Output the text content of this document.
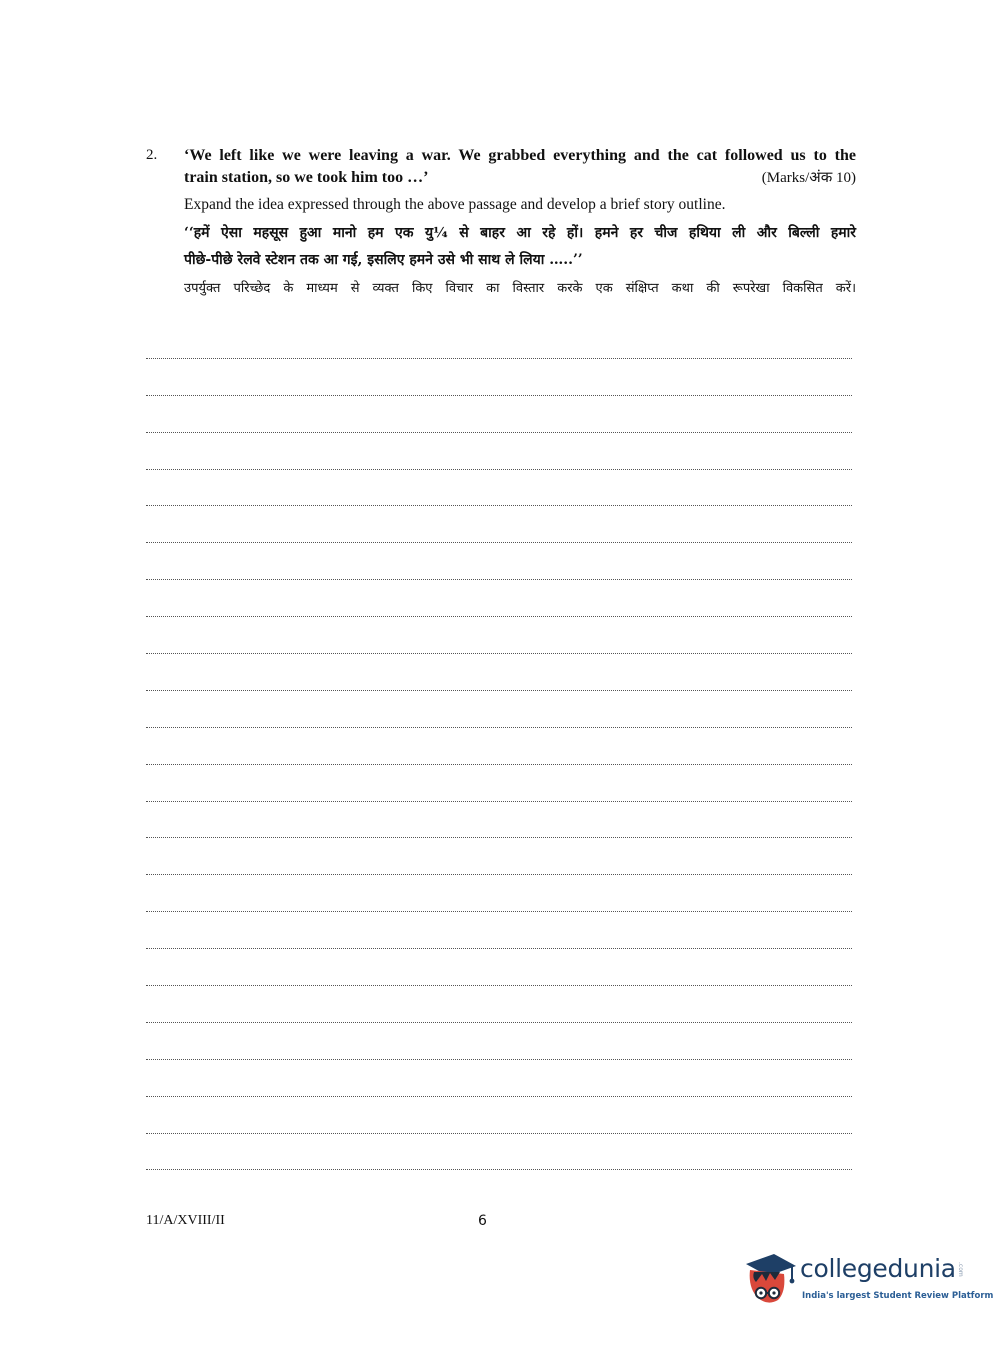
2. ‘We left like we were leaving a war. We grabbed everything and the cat followed us to the
train station, so we took him too …’	(Marks/अंक 10)
Expand the idea expressed through the above passage and develop a brief story outline.
‘‘हमें ऐसा महसूस हुआ मानो हम एक यु¼ से बाहर आ रहे हों। हमने हर चीज हथिया ली और बिल्ली हमारे
पीछे-पीछे रेलवे स्टेशन तक आ गई, इसलिए हमने उसे भी साथ ले लिया …..’’
उपर्युक्त परिच्छेद के माध्यम से व्यक्त किए विचार का विस्तार करके एक संक्षिप्त कथा की रूपरेखा विकसित करें।
11/A/XVIII/II	6
collegedunia .com
India's largest Student Review Platform
